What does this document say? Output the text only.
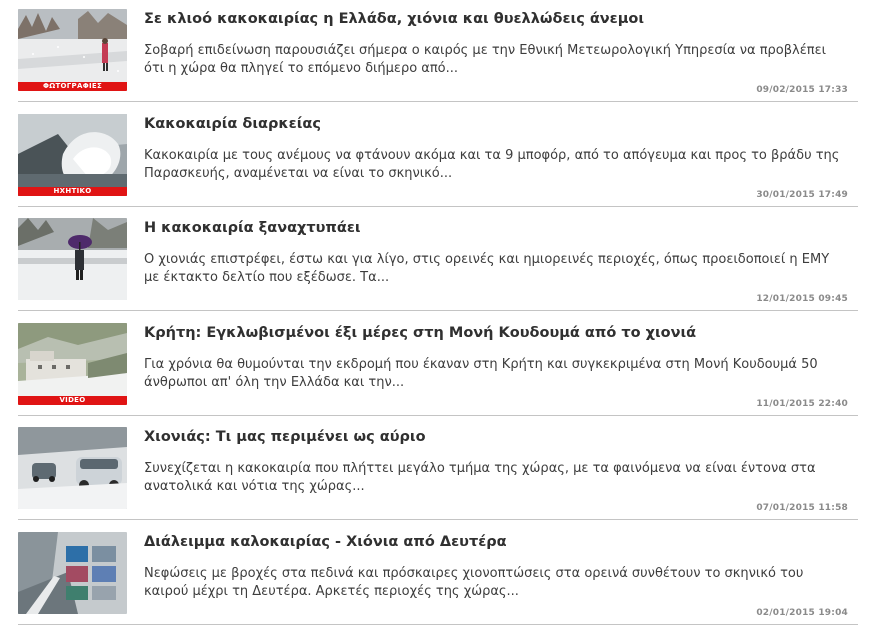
ΦΩΤΟΓΡΑΦΙΕΣ
Σε κλιοό κακοκαιρίας η Ελλάδα, χιόνια και θυελλώδεις άνεμοι
Σοβαρή επιδείνωση παρουσιάζει σήμερα ο καιρός με την Εθνική Μετεωρολογική Υπηρεσία να προβλέπει ότι η χώρα θα πληγεί το επόμενο διήμερο από...
09/02/2015 17:33
ΗΧΗΤΙΚΟ
Κακοκαιρία διαρκείας
Κακοκαιρία με τους ανέμους να φτάνουν ακόμα και τα 9 μποφόρ, από το απόγευμα και προς το βράδυ της Παρασκευής, αναμένεται να είναι το σκηνικό...
30/01/2015 17:49
Η κακοκαιρία ξαναχτυπάει
Ο χιονιάς επιστρέφει, έστω και για λίγο, στις ορεινές και ημιορεινές περιοχές, όπως προειδοποιεί η ΕΜΥ με έκτακτο δελτίο που εξέδωσε. Τα...
12/01/2015 09:45
VIDEO
Κρήτη: Εγκλωβισμένοι έξι μέρες στη Μονή Κουδουμά από το χιονιά
Για χρόνια θα θυμούνται την εκδρομή που έκαναν στη Κρήτη και συγκεκριμένα στη Μονή Κουδουμά 50 άνθρωποι απ' όλη την Ελλάδα και την...
11/01/2015 22:40
Χιονιάς: Τι μας περιμένει ως αύριο
Συνεχίζεται η κακοκαιρία που πλήττει μεγάλο τμήμα της χώρας, με τα φαινόμενα να είναι έντονα στα ανατολικά και νότια της χώρας...
07/01/2015 11:58
Διάλειμμα καλοκαιρίας - Χιόνια από Δευτέρα
Νεφώσεις με βροχές στα πεδινά και πρόσκαιρες χιονοπτώσεις στα ορεινά συνθέτουν το σκηνικό του καιρού μέχρι τη Δευτέρα. Αρκετές περιοχές της χώρας...
02/01/2015 19:04
